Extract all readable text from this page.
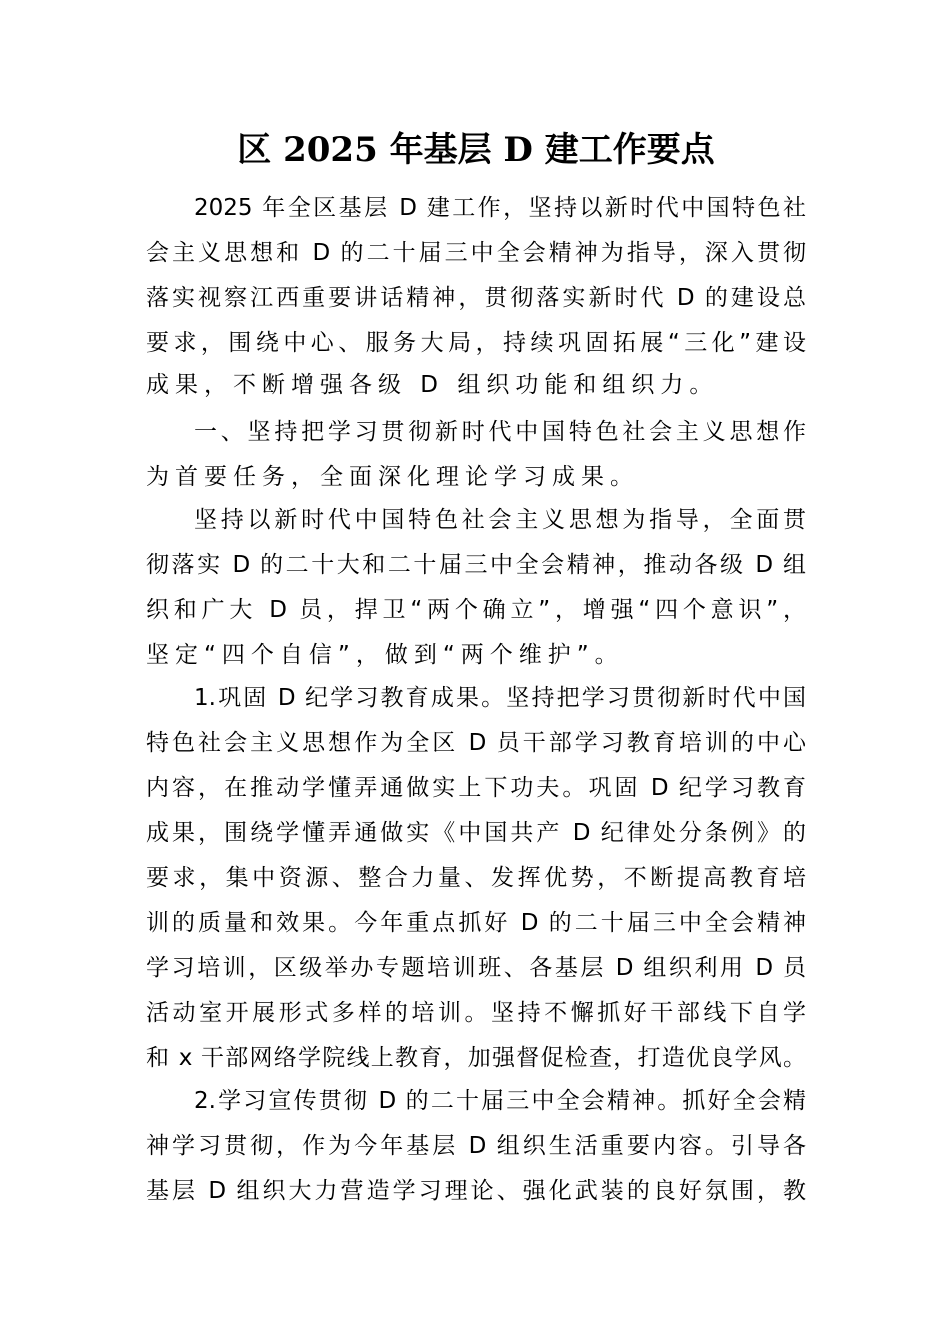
区 2025 年基层 D 建工作要点
2025 年全区基层 D 建工作，坚持以新时代中国特色社
会主义思想和 D 的二十届三中全会精神为指导，深入贯彻
落实视察江西重要讲话精神，贯彻落实新时代 D 的建设总
要求，围绕中心、服务大局，持续巩固拓展“三化”建设
成果，不断增强各级 D 组织功能和组织力。
一、坚持把学习贯彻新时代中国特色社会主义思想作
为首要任务，全面深化理论学习成果。
坚持以新时代中国特色社会主义思想为指导，全面贯
彻落实 D 的二十大和二十届三中全会精神，推动各级 D 组
织和广大 D 员，捍卫“两个确立”，增强“四个意识”，
坚定“四个自信”，做到“两个维护”。
1.巩固 D 纪学习教育成果。坚持把学习贯彻新时代中国
特色社会主义思想作为全区 D 员干部学习教育培训的中心
内容，在推动学懂弄通做实上下功夫。巩固 D 纪学习教育
成果，围绕学懂弄通做实《中国共产 D 纪律处分条例》的
要求，集中资源、整合力量、发挥优势，不断提高教育培
训的质量和效果。今年重点抓好 D 的二十届三中全会精神
学习培训，区级举办专题培训班、各基层 D 组织利用 D 员
活动室开展形式多样的培训。坚持不懈抓好干部线下自学
和 x 干部网络学院线上教育，加强督促检查，打造优良学风。
2.学习宣传贯彻 D 的二十届三中全会精神。抓好全会精
神学习贯彻，作为今年基层 D 组织生活重要内容。引导各
基层 D 组织大力营造学习理论、强化武装的良好氛围，教
